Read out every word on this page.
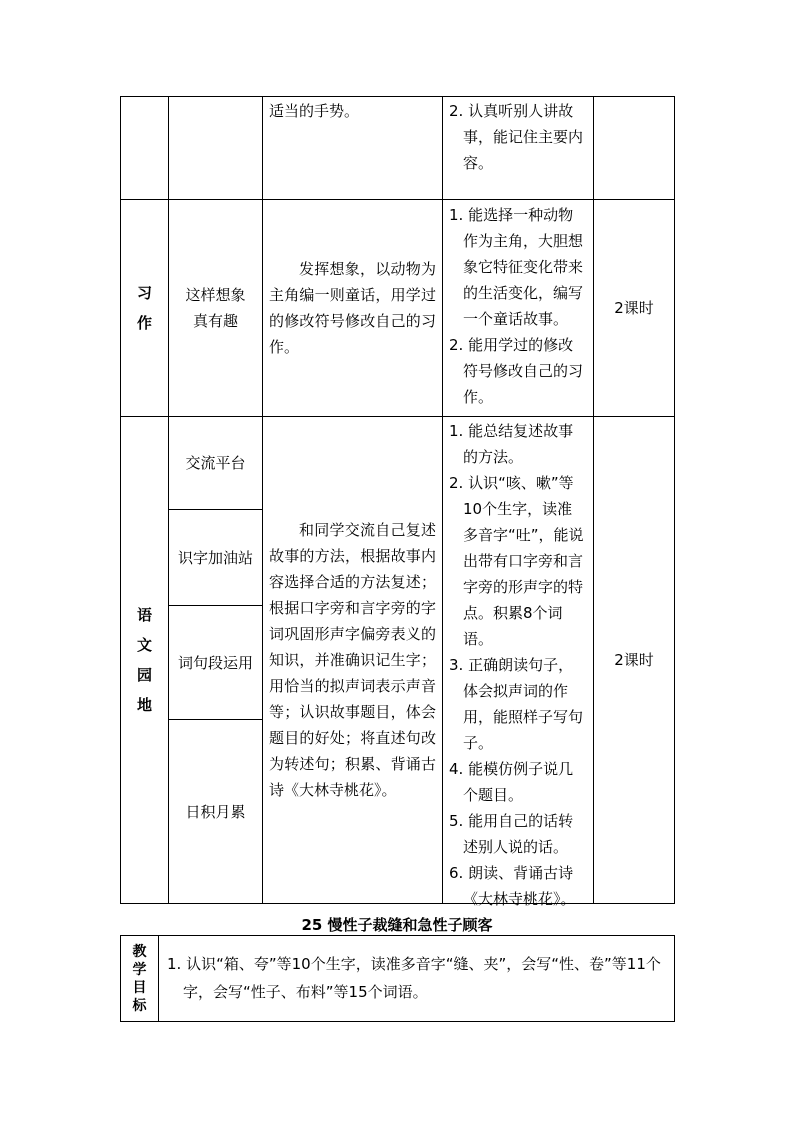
适当的手势。	2. 认真听别人讲故事，能记住主要内容。
习
作
这样想象真有趣
发挥想象，以动物为主角编一则童话，用学过的修改符号修改自己的习作。
1. 能选择一种动物作为主角，大胆想象它特征变化带来的生活变化，编写一个童话故事。
2. 能用学过的修改符号修改自己的习作。
2课时
语
文
园
地
交流平台
识字加油站
词句段运用
日积月累
和同学交流自己复述故事的方法，根据故事内容选择合适的方法复述；根据口字旁和言字旁的字词巩固形声字偏旁表义的知识，并准确识记生字；用恰当的拟声词表示声音等；认识故事题目，体会题目的好处；将直述句改为转述句；积累、背诵古诗《大林寺桃花》。
1. 能总结复述故事的方法。
2. 认识“咳、嗽”等10个生字，读准多音字“吐”，能说出带有口字旁和言字旁的形声字的特点。积累8个词语。
3. 正确朗读句子，体会拟声词的作用，能照样子写句子。
4. 能模仿例子说几个题目。
5. 能用自己的话转述别人说的话。
6. 朗读、背诵古诗《大林寺桃花》。
2课时
25 慢性子裁缝和急性子顾客
教
学
目
标
1. 认识“箱、夸”等10个生字，读准多音字“缝、夹”，会写“性、卷”等11个字，会写“性子、布料”等15个词语。
